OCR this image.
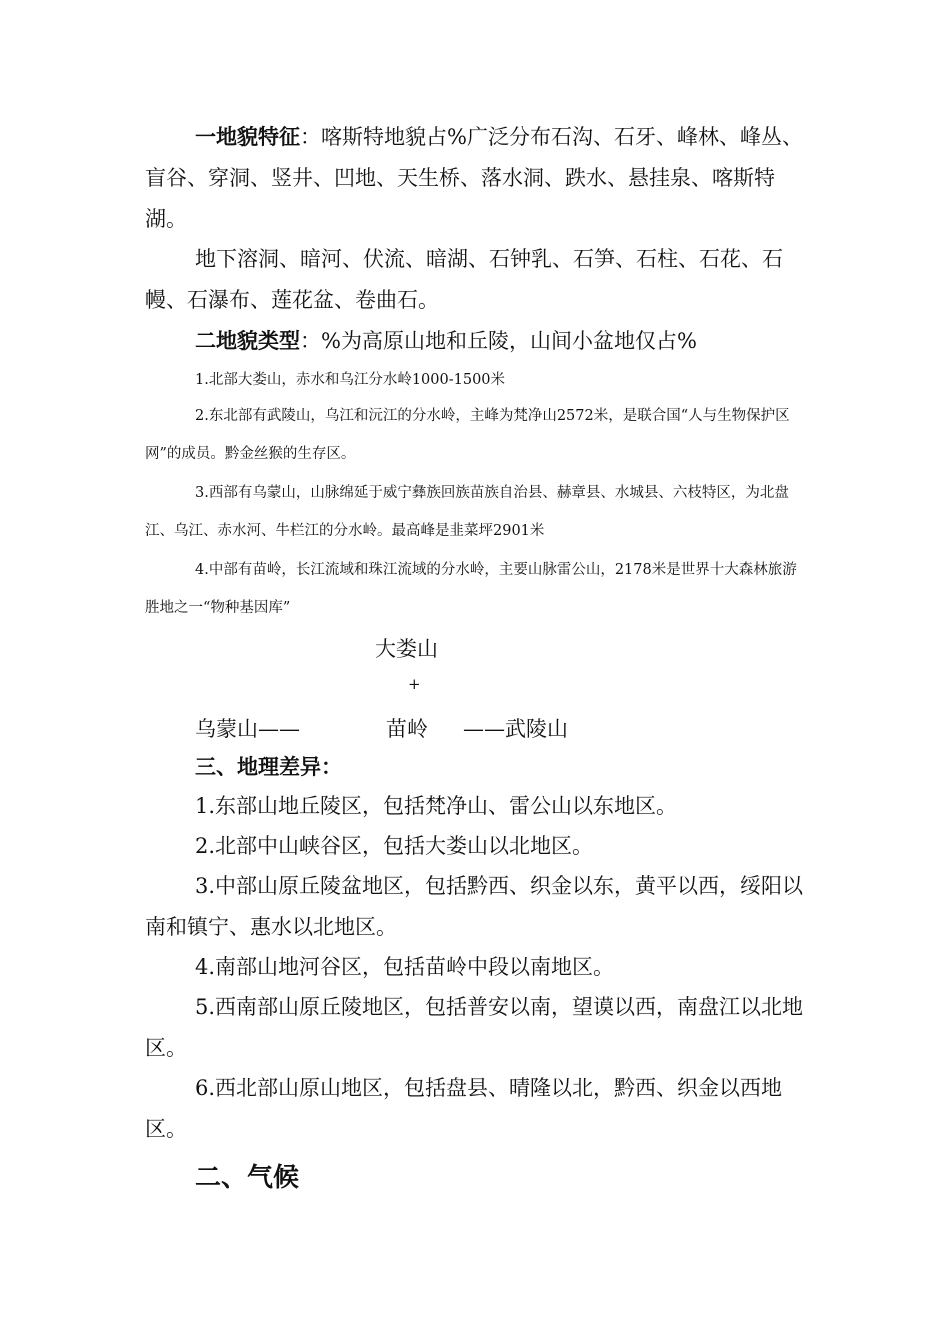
一地貌特征：喀斯特地貌占%广泛分布石沟、石牙、峰林、峰丛、盲谷、穿洞、竖井、凹地、天生桥、落水洞、跌水、悬挂泉、喀斯特湖。

地下溶洞、暗河、伏流、暗湖、石钟乳、石笋、石柱、石花、石幔、石瀑布、莲花盆、卷曲石。

二地貌类型：%为高原山地和丘陵，山间小盆地仅占%

1.北部大娄山，赤水和乌江分水岭1000-1500米

2.东北部有武陵山，乌江和沅江的分水岭，主峰为梵净山2572米，是联合国“人与生物保护区网”的成员。黔金丝猴的生存区。

3.西部有乌蒙山，山脉绵延于威宁彝族回族苗族自治县、赫章县、水城县、六枝特区，为北盘江、乌江、赤水河、牛栏江的分水岭。最高峰是韭菜坪2901米

4.中部有苗岭，长江流域和珠江流域的分水岭，主要山脉雷公山，2178米是世界十大森林旅游胜地之一“物种基因库”

大娄山

+

乌蒙山——	苗岭 ——武陵山

三、地理差异：

1.东部山地丘陵区，包括梵净山、雷公山以东地区。

2.北部中山峡谷区，包括大娄山以北地区。

3.中部山原丘陵盆地区，包括黔西、织金以东，黄平以西，绥阳以南和镇宁、惠水以北地区。

4.南部山地河谷区，包括苗岭中段以南地区。

5.西南部山原丘陵地区，包括普安以南，望谟以西，南盘江以北地区。

6.西北部山原山地区，包括盘县、晴隆以北，黔西、织金以西地区。

二、气候
